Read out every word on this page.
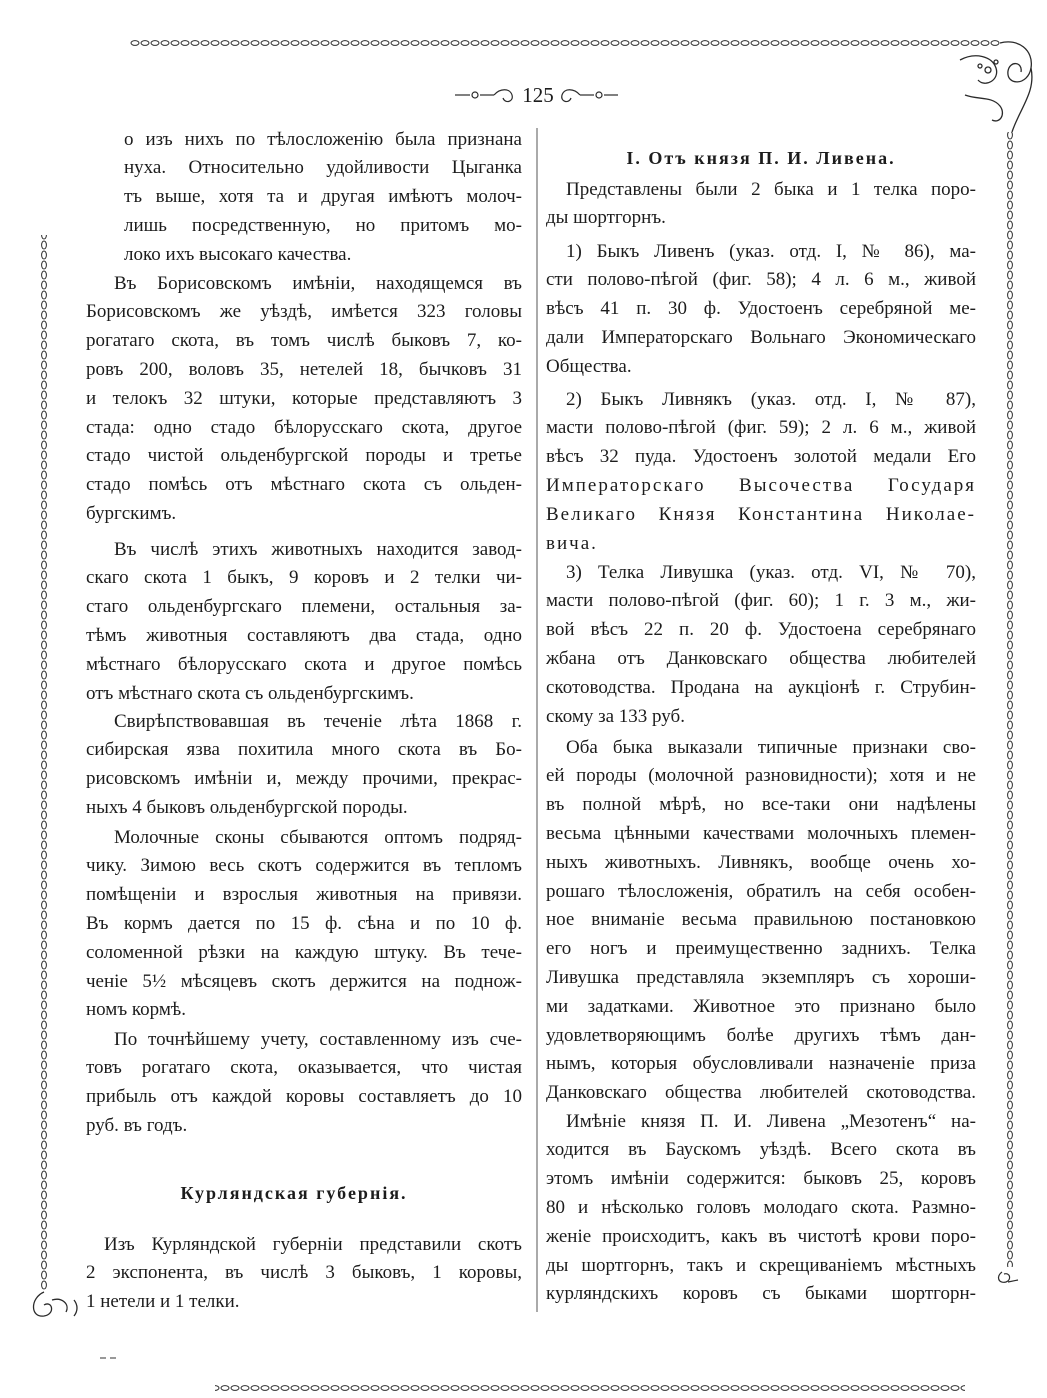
125
о изъ нихъ по тѣлосложенію была признана
нуха. Относительно удойливости Цыганка
тъ выше, хотя та и другая имѣютъ молоч-
лишь посредственную, но притомъ мо-
локо ихъ высокаго качества.
Въ Борисовскомъ имѣніи, находящемся въ
Борисовскомъ же уѣздѣ, имѣется 323 головы
рогатаго скота, въ томъ числѣ быковъ 7, ко-
ровъ 200, воловъ 35, нетелей 18, бычковъ 31
и телокъ 32 штуки, которые представляютъ 3
стада: одно стадо бѣлорусскаго скота, другое
стадо чистой ольденбургской породы и третье
стадо помѣсь отъ мѣстнаго скота съ ольден-
бургскимъ.
Въ числѣ этихъ животныхъ находится завод-
скаго скота 1 быкъ, 9 коровъ и 2 телки чи-
стаго ольденбургскаго племени, остальныя за-
тѣмъ животныя составляютъ два стада, одно
мѣстнаго бѣлорусскаго скота и другое помѣсь
отъ мѣстнаго скота съ ольденбургскимъ.
Свирѣпствовавшая въ теченіе лѣта 1868 г.
сибирская язва похитила много скота въ Бо-
рисовскомъ имѣніи и, между прочими, прекрас-
ныхъ 4 быковъ ольденбургской породы.
Молочные сконы сбываются оптомъ подряд-
чику. Зимою весь скотъ содержится въ тепломъ
помѣщеніи и взрослыя животныя на привязи.
Въ кормъ дается по 15 ф. сѣна и по 10 ф.
соломенной рѣзки на каждую штуку. Въ тече-
ченіе 5½ мѣсяцевъ скотъ держится на поднож-
номъ кормѣ.
По точнѣйшему учету, составленному изъ сче-
товъ рогатаго скота, оказывается, что чистая
прибыль отъ каждой коровы составляетъ до 10
руб. въ годъ.
Курляндская губернія.
Изъ Курляндской губерніи представили скотъ
2 экспонента, въ числѣ 3 быковъ, 1 коровы,
1 нетели и 1 телки.
I. Отъ князя П. И. Ливена.
Представлены были 2 быка и 1 телка поро-
ды шортгорнъ.
1) Быкъ Ливенъ (указ. отд. I, № 86), ма-
сти полово-пѣгой (фиг. 58); 4 л. 6 м., живой
вѣсъ 41 п. 30 ф. Удостоенъ серебряной ме-
дали Императорскаго Вольнаго Экономическаго
Общества.
2) Быкъ Ливнякъ (указ. отд. I, № 87),
масти полово-пѣгой (фиг. 59); 2 л. 6 м., живой
вѣсъ 32 пуда. Удостоенъ золотой медали Его
Императорскаго Высочества Государя
Великаго Князя Константина Николае-
вича.
3) Телка Ливушка (указ. отд. VI, № 70),
масти полово-пѣгой (фиг. 60); 1 г. 3 м., жи-
вой вѣсъ 22 п. 20 ф. Удостоена серебрянаго
жбана отъ Данковскаго общества любителей
скотоводства. Продана на аукціонѣ г. Струбин-
скому за 133 руб.
Оба быка выказали типичные признаки сво-
ей породы (молочной разновидности); хотя и не
въ полной мѣрѣ, но все-таки они надѣлены
весьма цѣнными качествами молочныхъ племен-
ныхъ животныхъ. Ливнякъ, вообще очень хо-
рошаго тѣлосложенія, обратилъ на себя особен-
ное вниманіе весьма правильною постановкою
его ногъ и преимущественно заднихъ. Телка
Ливушка представляла экземпляръ съ хороши-
ми задатками. Животное это признано было
удовлетворяющимъ болѣе другихъ тѣмъ дан-
нымъ, которыя обусловливали назначеніе приза
Данковскаго общества любителей скотоводства.
Имѣніе князя П. И. Ливена „Мезотенъ“ на-
ходится въ Баускомъ уѣздѣ. Всего скота въ
этомъ имѣніи содержится: быковъ 25, коровъ
80 и нѣсколько головъ молодаго скота. Размно-
женіе происходитъ, какъ въ чистотѣ крови поро-
ды шортгорнъ, такъ и скрещиваніемъ мѣстныхъ
курляндскихъ коровъ съ быками шортгорн-
